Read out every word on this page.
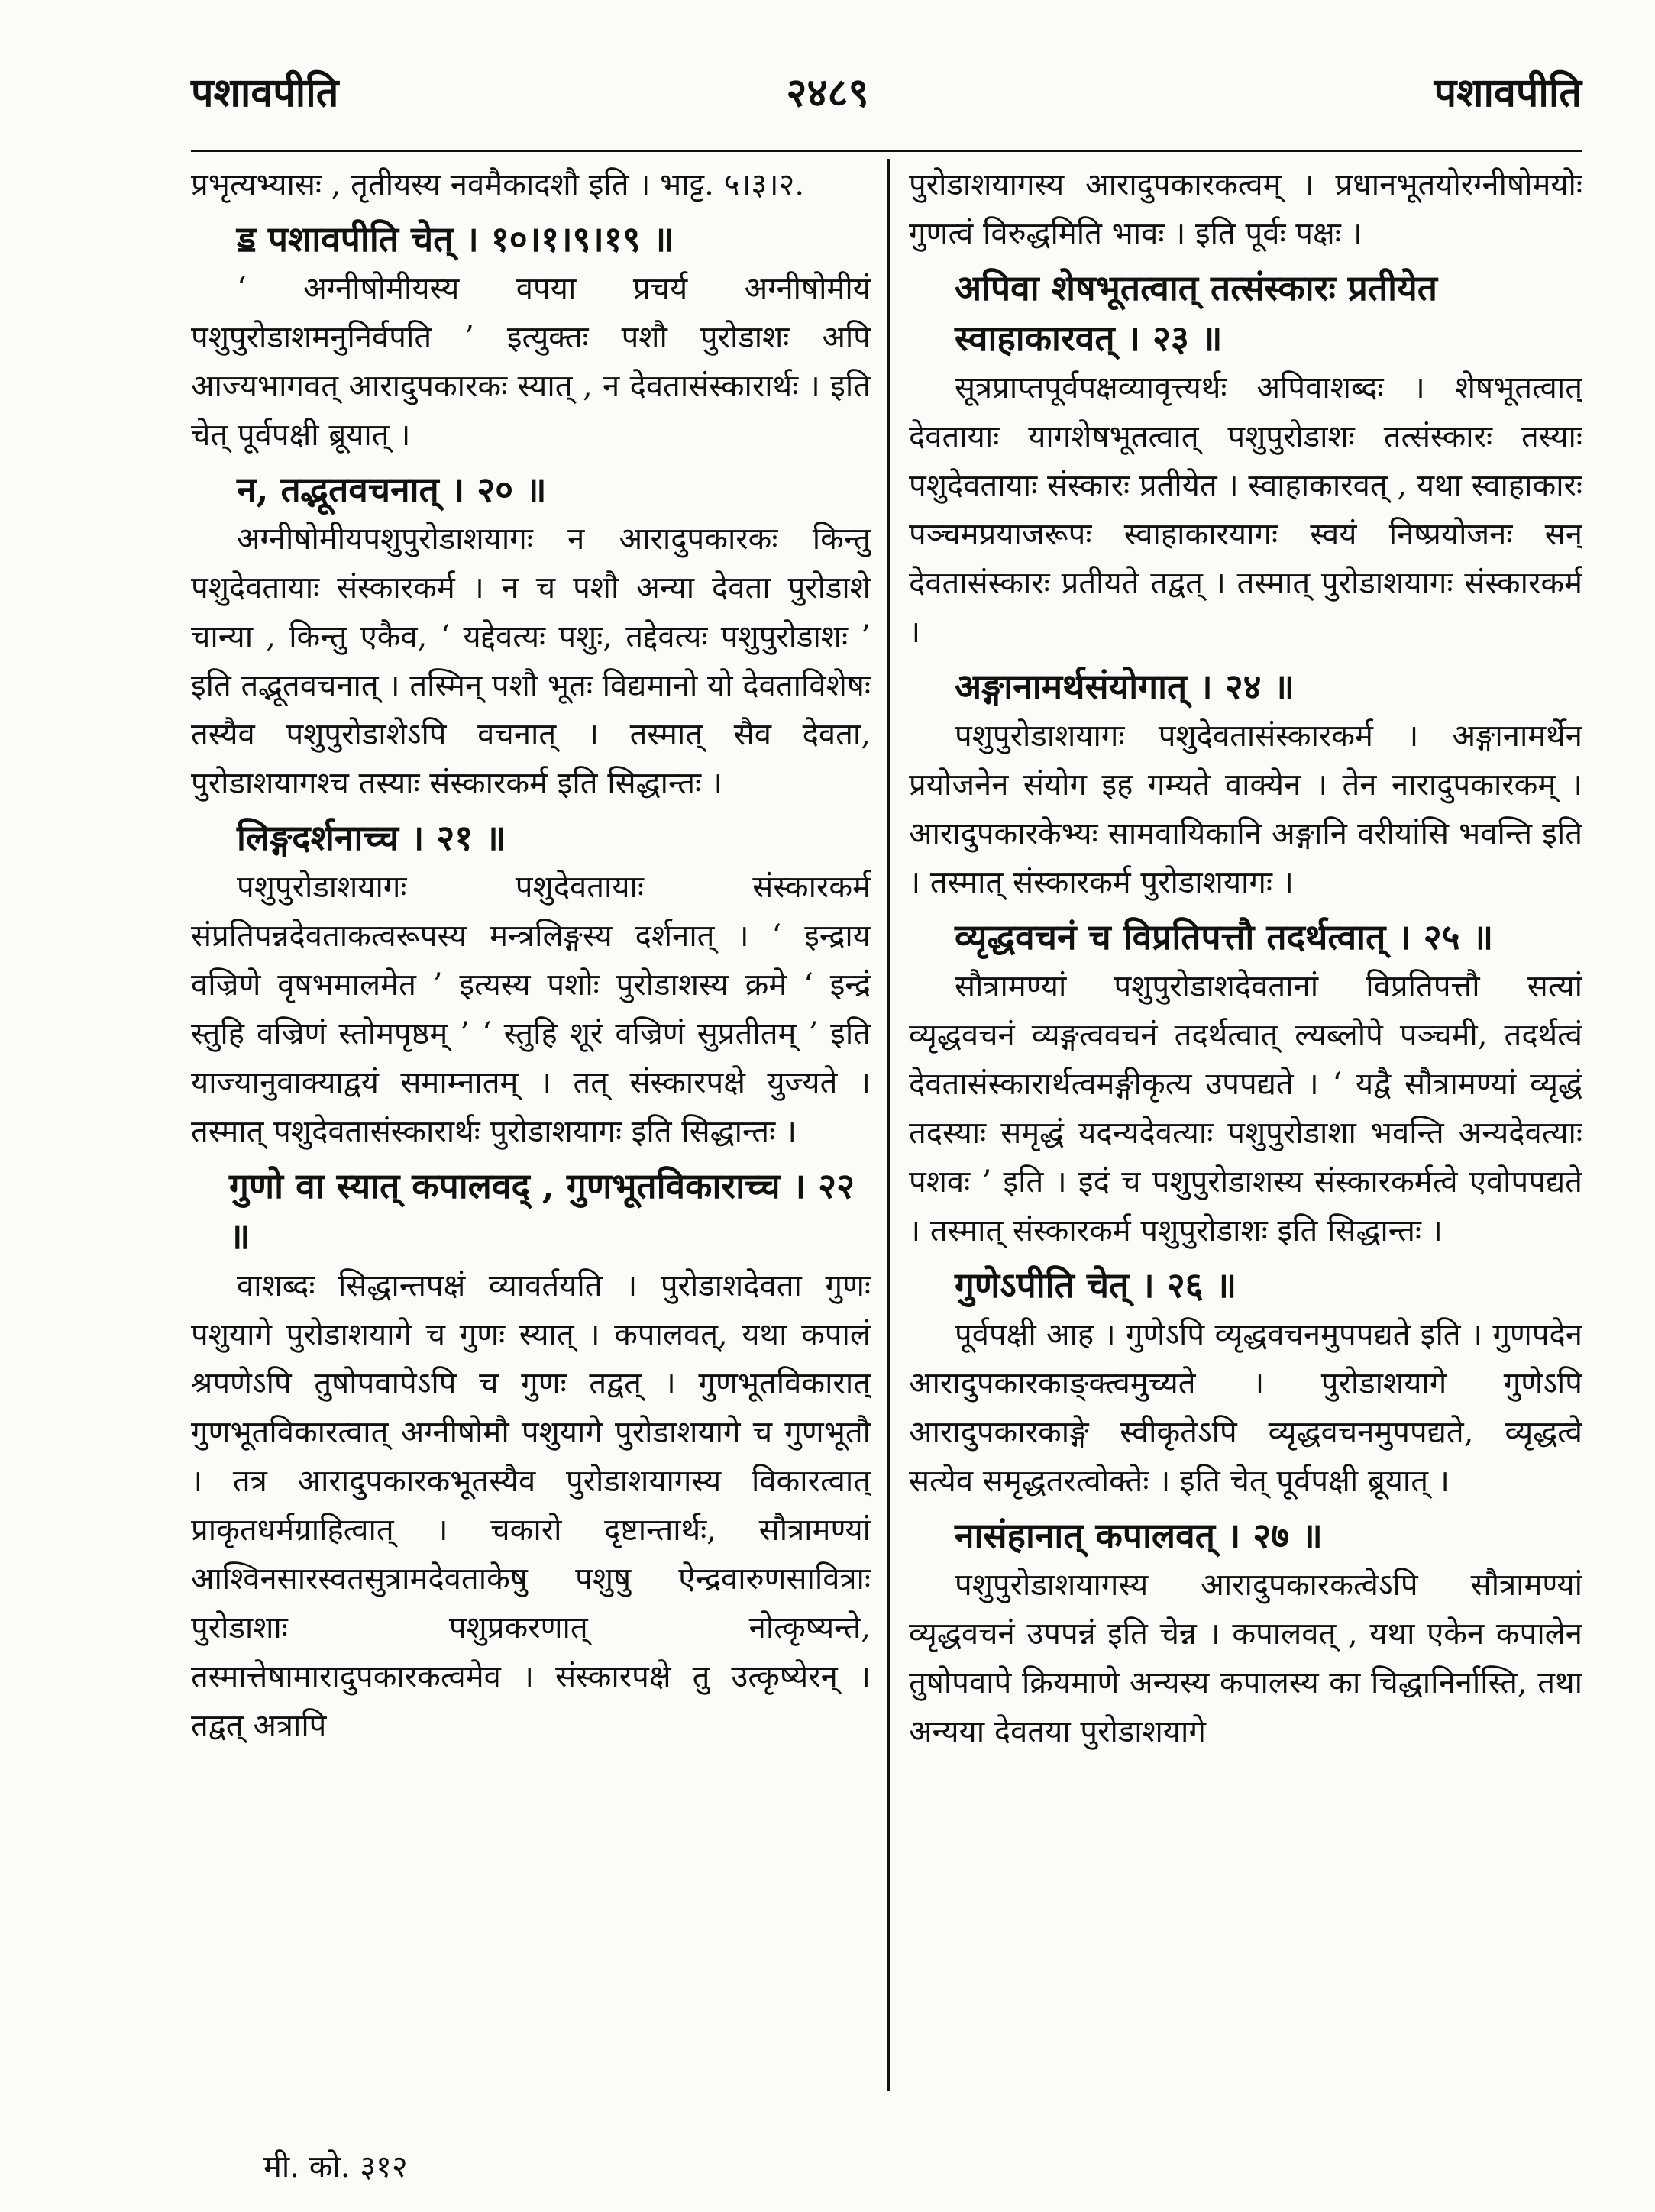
पशावपीति	२४८९	पशावपीति

प्रभृत्यभ्यासः , तृतीयस्य नवमैकादशौ इति । भाट्ट. ५।३।२.

ॾ पशावपीति चेत् । १०।१।९।१९ ॥

‘ अग्नीषोमीयस्य वपया प्रचर्य अग्नीषोमीयं पशुपुरोडाशमनुनिर्वपति ’ इत्युक्तः पशौ पुरोडाशः अपि आज्यभागवत् आरादुपकारकः स्यात् , न देवतासंस्कारार्थः । इति चेत् पूर्वपक्षी ब्रूयात् ।

न, तद्भूतवचनात् । २० ॥

अग्नीषोमीयपशुपुरोडाशयागः न आरादुपकारकः किन्तु पशुदेवतायाः संस्कारकर्म । न च पशौ अन्या देवता पुरोडाशे चान्या , किन्तु एकैव, ‘ यद्देवत्यः पशुः, तद्देवत्यः पशुपुरोडाशः ’ इति तद्भूतवचनात् । तस्मिन् पशौ भूतः विद्यमानो यो देवताविशेषः तस्यैव पशुपुरोडाशेऽपि वचनात् । तस्मात् सैव देवता, पुरोडाशयागश्च तस्याः संस्कारकर्म इति सिद्धान्तः ।

लिङ्गदर्शनाच्च । २१ ॥

पशुपुरोडाशयागः पशुदेवतायाः संस्कारकर्म संप्रतिपन्नदेवताकत्वरूपस्य मन्त्रलिङ्गस्य दर्शनात् । ‘ इन्द्राय वज्रिणे वृषभमालमेत ’ इत्यस्य पशोः पुरोडाशस्य क्रमे ‘ इन्द्रं स्तुहि वज्रिणं स्तोमपृष्ठम् ’ ‘ स्तुहि शूरं वज्रिणं सुप्रतीतम् ’ इति याज्यानुवाक्याद्वयं समाम्नातम् । तत् संस्कारपक्षे युज्यते । तस्मात् पशुदेवतासंस्कारार्थः पुरोडाशयागः इति सिद्धान्तः ।

गुणो वा स्यात् कपालवद् , गुणभूतविकाराच्च । २२ ॥

वाशब्दः सिद्धान्तपक्षं व्यावर्तयति । पुरोडाशदेवता गुणः पशुयागे पुरोडाशयागे च गुणः स्यात् । कपालवत्, यथा कपालं श्रपणेऽपि तुषोपवापेऽपि च गुणः तद्वत् । गुणभूतविकारात् गुणभूतविकारत्वात् अग्नीषोमौ पशुयागे पुरोडाशयागे च गुणभूतौ । तत्र आरादुपकारकभूतस्यैव पुरोडाशयागस्य विकारत्वात् प्राकृतधर्मग्राहित्वात् । चकारो दृष्टान्तार्थः, सौत्रामण्यां आश्विनसारस्वतसुत्रामदेवताकेषु पशुषु ऐन्द्रवारुणसावित्राः पुरोडाशाः पशुप्रकरणात् नोत्कृष्यन्ते, तस्मात्तेषामारादुपकारकत्वमेव । संस्कारपक्षे तु उत्कृष्येरन् । तद्वत् अत्रापि

पुरोडाशयागस्य आरादुपकारकत्वम् । प्रधानभूतयोरग्नीषोमयोः गुणत्वं विरुद्धमिति भावः । इति पूर्वः पक्षः ।

अपिवा शेषभूतत्वात् तत्संस्कारः प्रतीयेत स्वाहाकारवत् । २३ ॥

सूत्रप्राप्तपूर्वपक्षव्यावृत्त्यर्थः अपिवाशब्दः । शेषभूतत्वात् देवतायाः यागशेषभूतत्वात् पशुपुरोडाशः तत्संस्कारः तस्याः पशुदेवतायाः संस्कारः प्रतीयेत । स्वाहाकारवत् , यथा स्वाहाकारः पञ्चमप्रयाजरूपः स्वाहाकारयागः स्वयं निष्प्रयोजनः सन् देवतासंस्कारः प्रतीयते तद्वत् । तस्मात् पुरोडाशयागः संस्कारकर्म ।

अङ्गानामर्थसंयोगात् । २४ ॥

पशुपुरोडाशयागः पशुदेवतासंस्कारकर्म । अङ्गानामर्थेन प्रयोजनेन संयोग इह गम्यते वाक्येन । तेन नारादुपकारकम् । आरादुपकारकेभ्यः सामवायिकानि अङ्गानि वरीयांसि भवन्ति इति । तस्मात् संस्कारकर्म पुरोडाशयागः ।

व्यृद्धवचनं च विप्रतिपत्तौ तदर्थत्वात् । २५ ॥

सौत्रामण्यां पशुपुरोडाशदेवतानां विप्रतिपत्तौ सत्यां व्यृद्धवचनं व्यङ्गत्ववचनं तदर्थत्वात् ल्यब्लोपे पञ्चमी, तदर्थत्वं देवतासंस्कारार्थत्वमङ्गीकृत्य उपपद्यते । ‘ यद्वै सौत्रामण्यां व्यृद्धं तदस्याः समृद्धं यदन्यदेवत्याः पशुपुरोडाशा भवन्ति अन्यदेवत्याः पशवः ’ इति । इदं च पशुपुरोडाशस्य संस्कारकर्मत्वे एवोपपद्यते । तस्मात् संस्कारकर्म पशुपुरोडाशः इति सिद्धान्तः ।

गुणेऽपीति चेत् । २६ ॥

पूर्वपक्षी आह । गुणेऽपि व्यृद्धवचनमुपपद्यते इति । गुणपदेन आरादुपकारकाङ्क्त्वमुच्यते । पुरोडाशयागे गुणेऽपि आरादुपकारकाङ्गे स्वीकृतेऽपि व्यृद्धवचनमुपपद्यते, व्यृद्धत्वे सत्येव समृद्धतरत्वोक्तेः । इति चेत् पूर्वपक्षी ब्रूयात् ।

नासंहानात् कपालवत् । २७ ॥

पशुपुरोडाशयागस्य आरादुपकारकत्वेऽपि सौत्रामण्यां व्यृद्धवचनं उपपन्नं इति चेन्न । कपालवत् , यथा एकेन कपालेन तुषोपवापे क्रियमाणे अन्यस्य कपालस्य का चिद्धानिर्नास्ति, तथा अन्यया देवतया पुरोडाशयागे

मी. को. ३१२
